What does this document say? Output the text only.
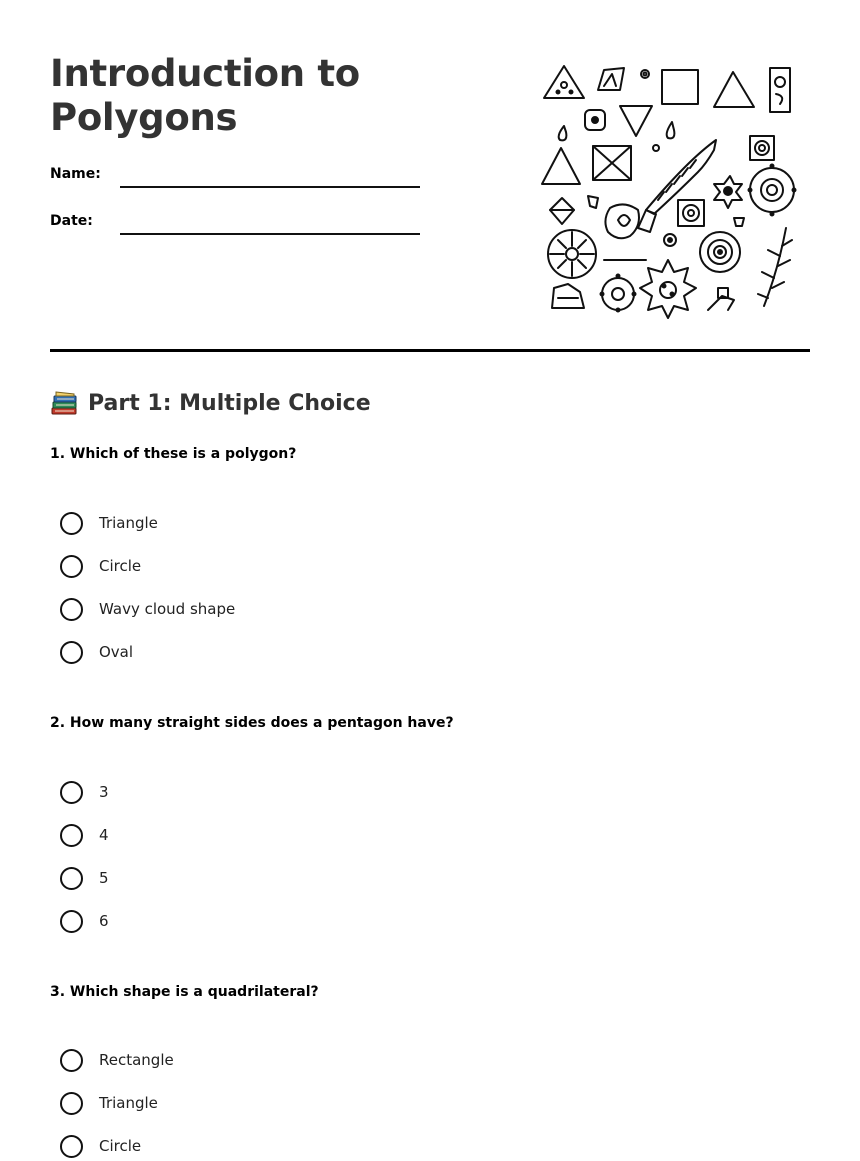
Introduction to Polygons
Name:
Date:
Part 1: Multiple Choice
1. Which of these is a polygon?
Triangle
Circle
Wavy cloud shape
Oval
2. How many straight sides does a pentagon have?
3
4
5
6
3. Which shape is a quadrilateral?
Rectangle
Triangle
Circle
